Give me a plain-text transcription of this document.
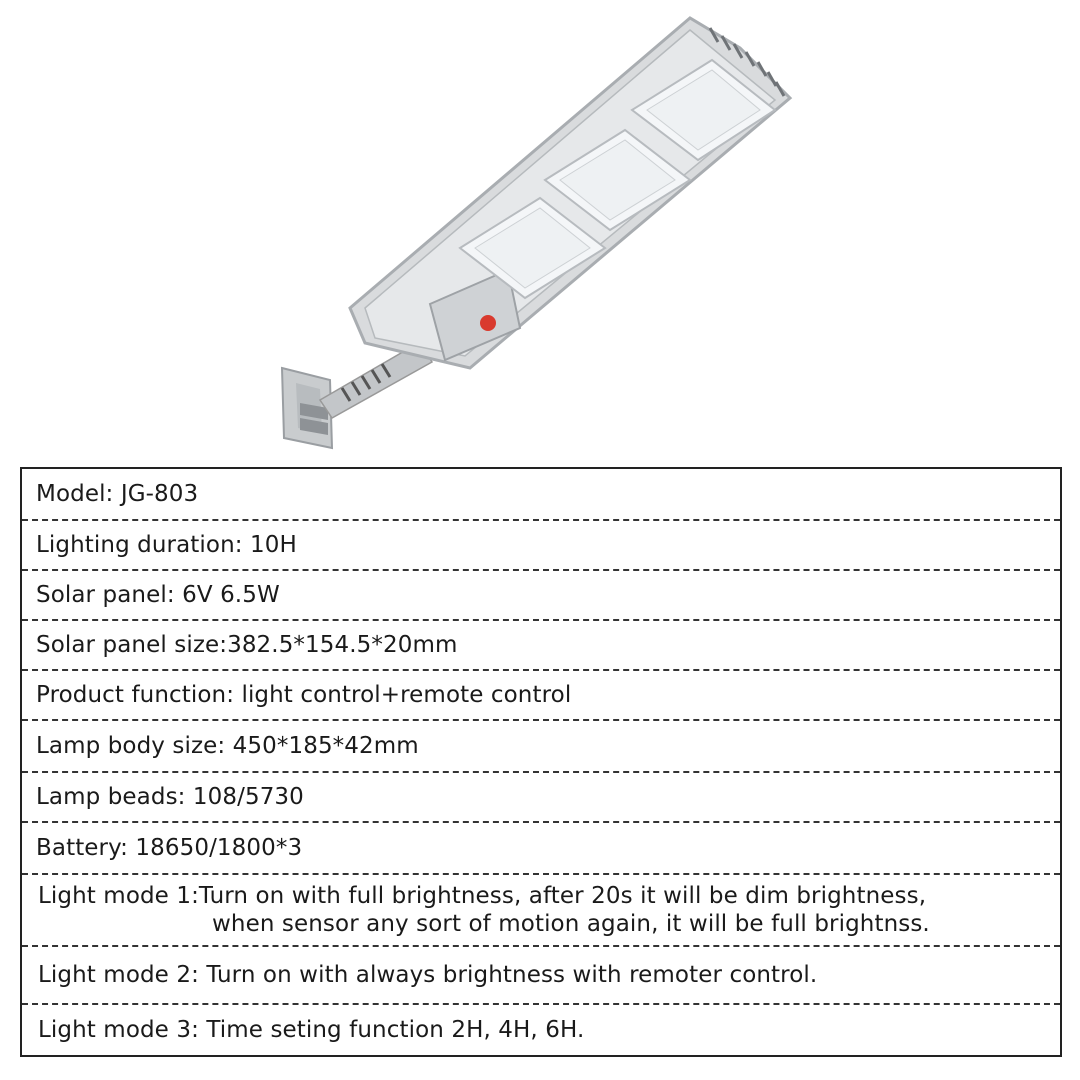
Model: JG-803
Lighting duration: 10H
Solar panel: 6V 6.5W
Solar panel size:382.5*154.5*20mm
Product function: light control+remote control
Lamp body size: 450*185*42mm
Lamp beads: 108/5730
Battery: 18650/1800*3
Light mode 1:Turn on with full brightness, after 20s it will be dim brightness,
when sensor any sort of motion again, it will be full brightnss.
Light mode 2: Turn on with always brightness with remoter control.
Light mode 3: Time seting function 2H, 4H, 6H.
